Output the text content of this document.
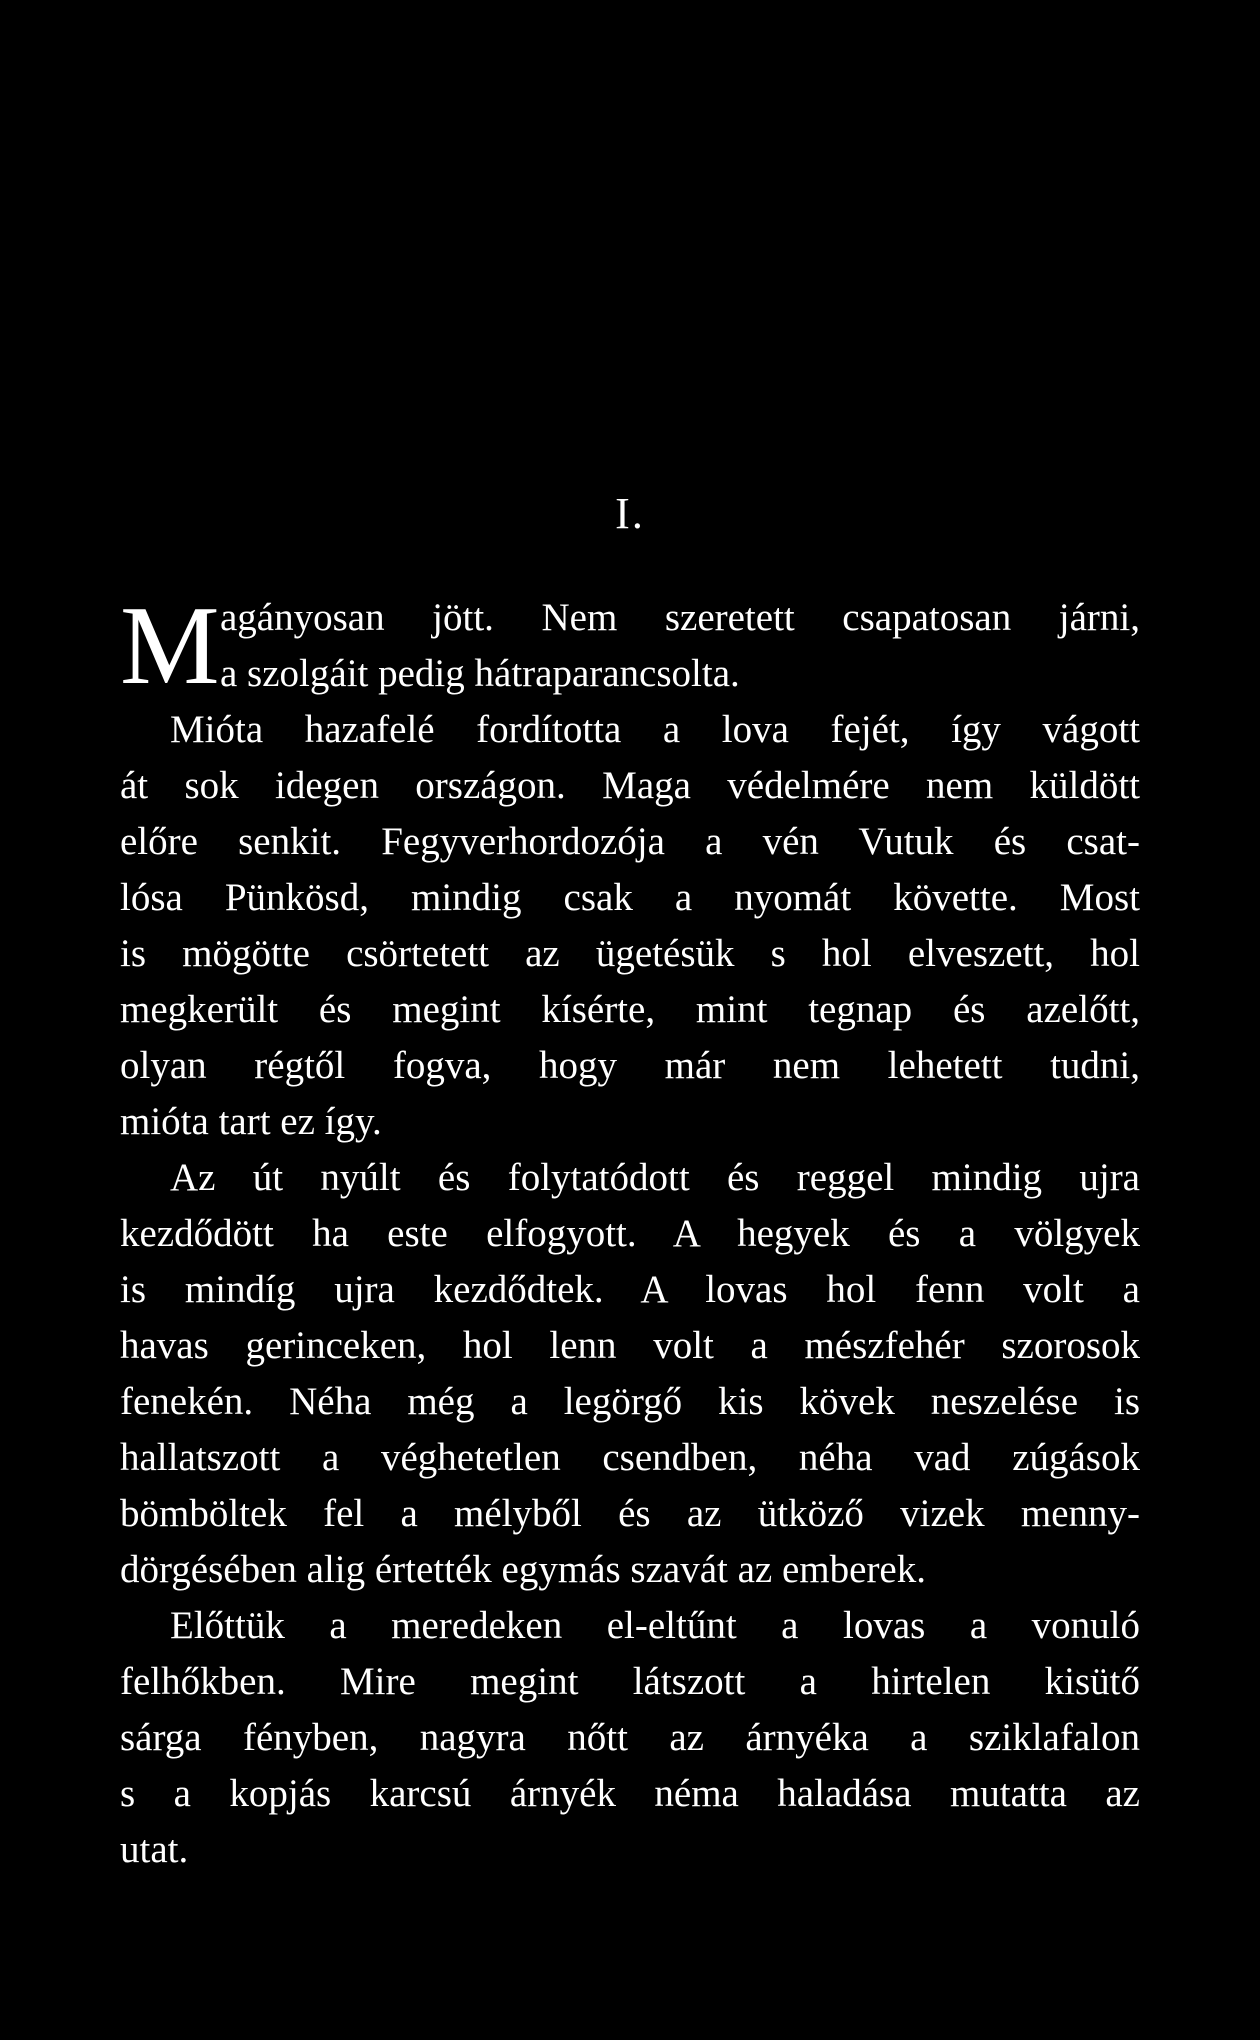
I.
M agányosan jött. Nem szeretett csapatosan járni,
a szolgáit pedig hátraparancsolta.
Mióta hazafelé fordította a lova fejét, így vágott
át sok idegen országon. Maga védelmére nem küldött
előre senkit. Fegyverhordozója a vén Vutuk és csat-
lósa Pünkösd, mindig csak a nyomát követte. Most
is mögötte csörtetett az ügetésük s hol elveszett, hol
megkerült és megint kísérte, mint tegnap és azelőtt,
olyan régtől fogva, hogy már nem lehetett tudni,
mióta tart ez így.
Az út nyúlt és folytatódott és reggel mindig ujra
kezdődött ha este elfogyott. A hegyek és a völgyek
is mindíg ujra kezdődtek. A lovas hol fenn volt a
havas gerinceken, hol lenn volt a mészfehér szorosok
fenekén. Néha még a legörgő kis kövek neszelése is
hallatszott a véghetetlen csendben, néha vad zúgások
bömböltek fel a mélyből és az ütköző vizek menny-
dörgésében alig értették egymás szavát az emberek.
Előttük a meredeken el-eltűnt a lovas a vonuló
felhőkben. Mire megint látszott a hirtelen kisütő
sárga fényben, nagyra nőtt az árnyéka a sziklafalon
s a kopjás karcsú árnyék néma haladása mutatta az
utat.
